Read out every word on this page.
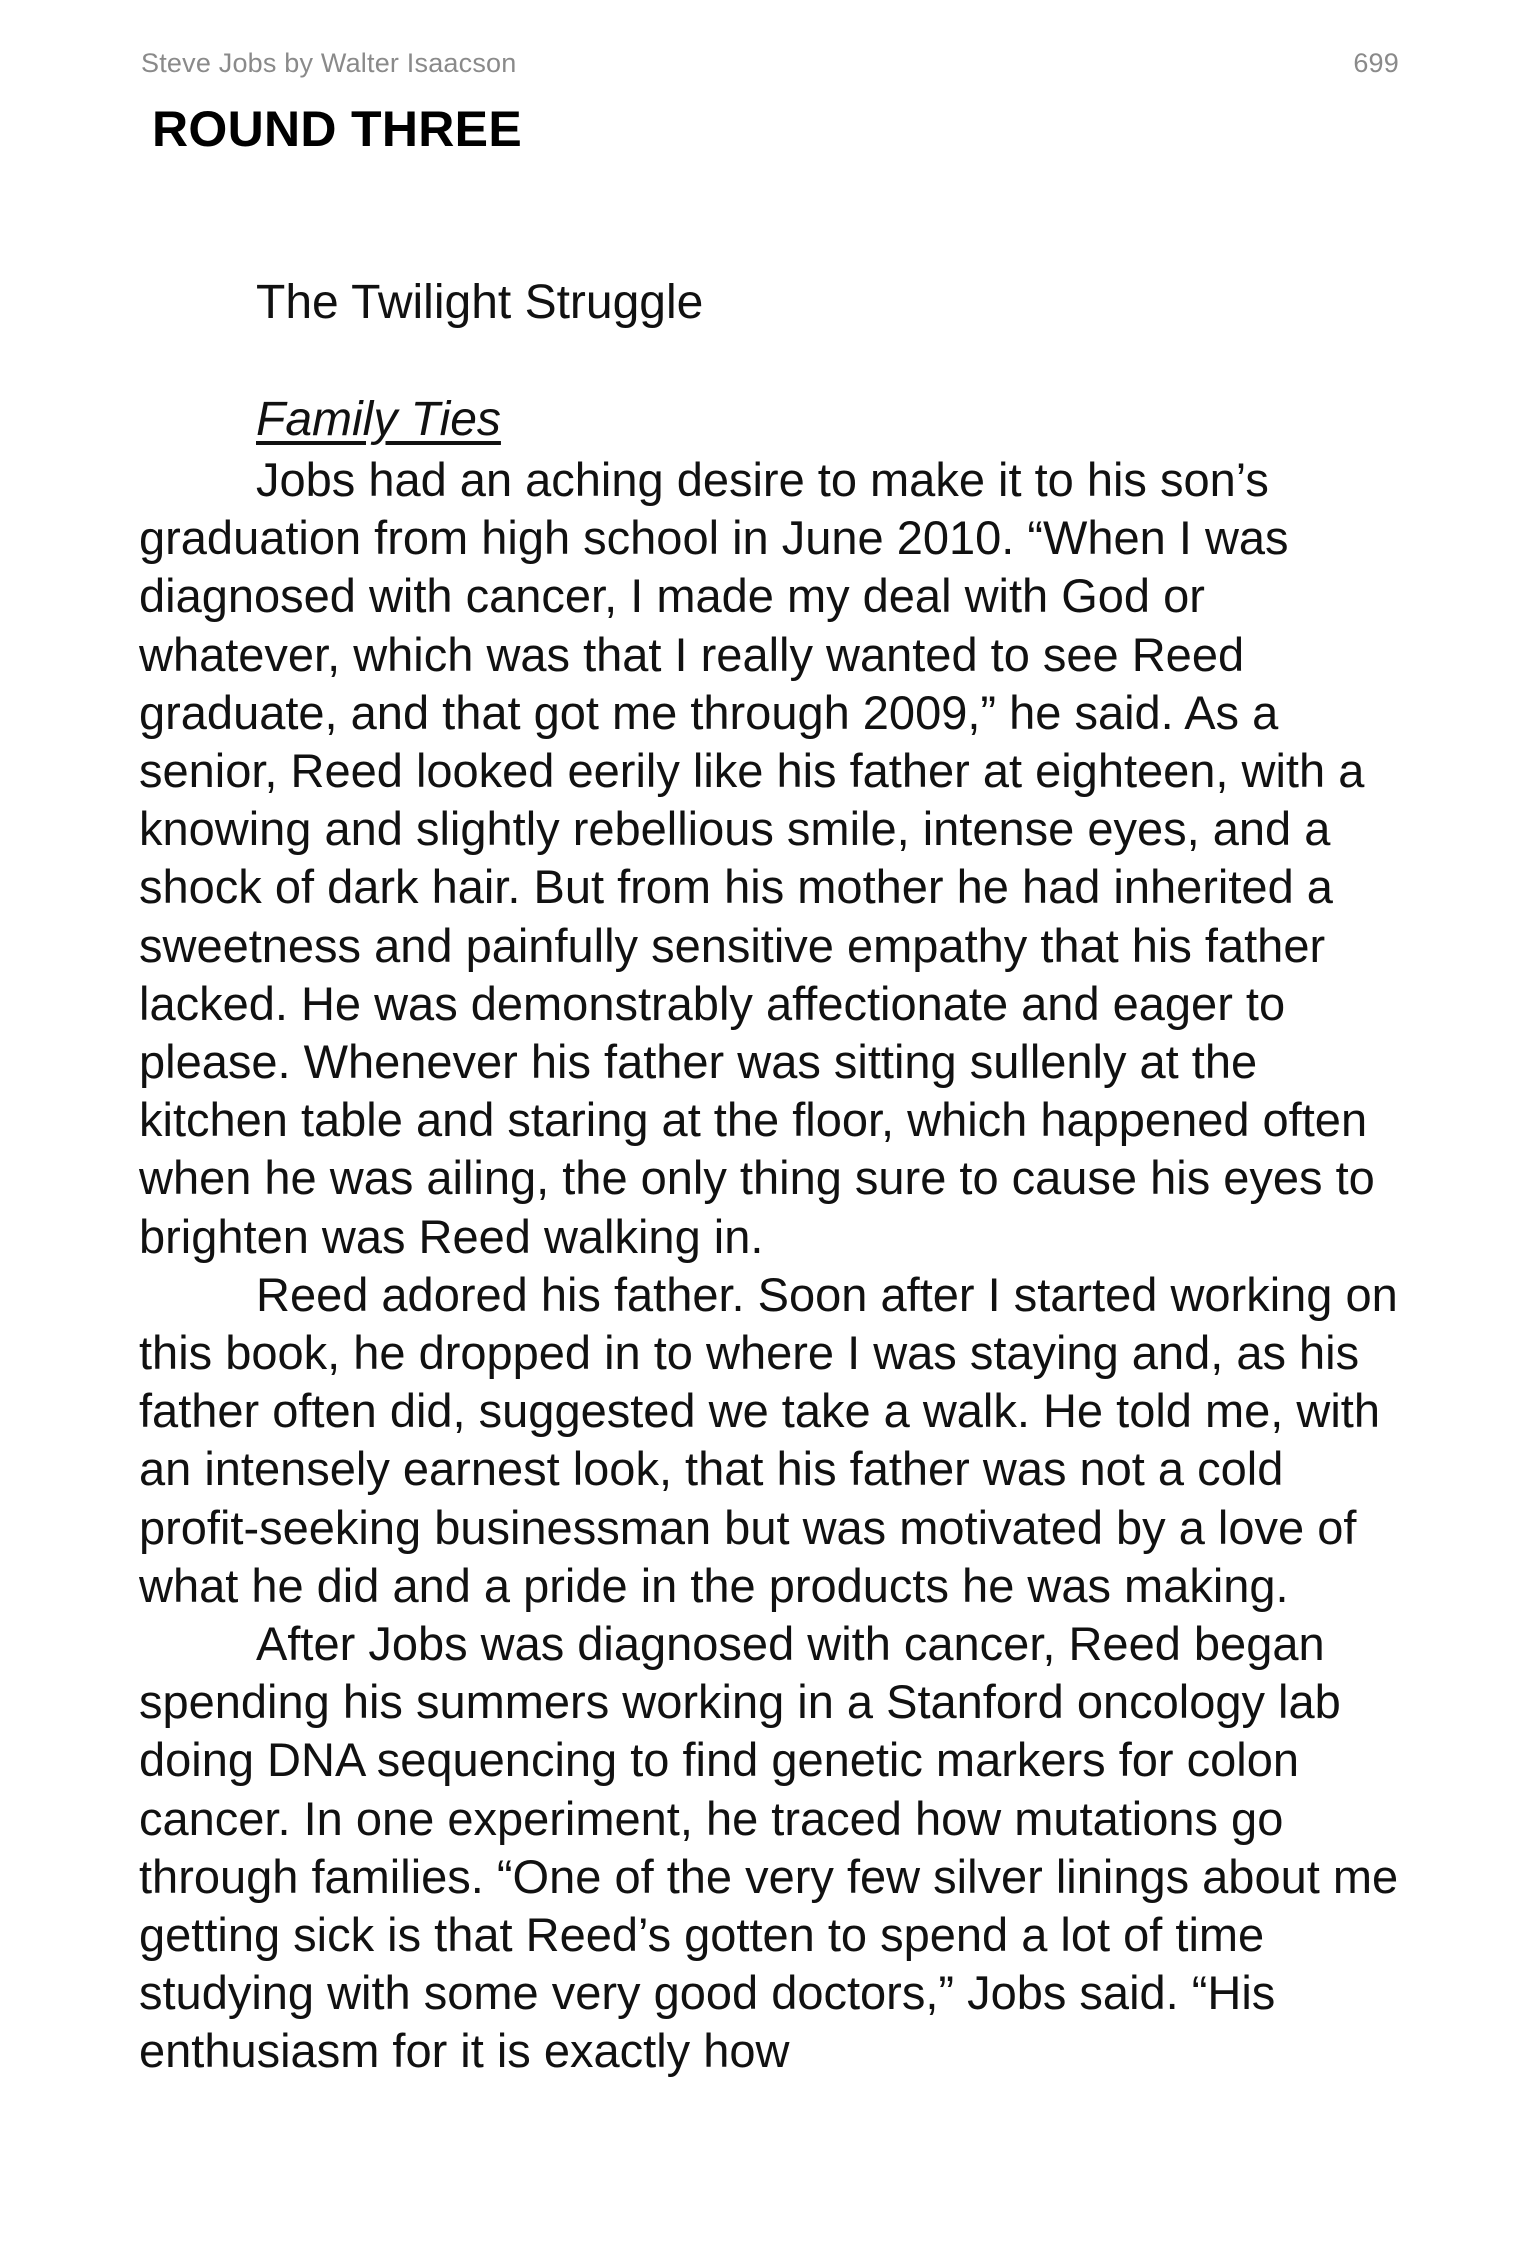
Steve Jobs by Walter Isaacson	699
ROUND THREE
The Twilight Struggle
Family Ties

Jobs had an aching desire to make it to his son’s graduation from high school in June 2010. “When I was diagnosed with cancer, I made my deal with God or whatever, which was that I really wanted to see Reed graduate, and that got me through 2009,” he said. As a senior, Reed looked eerily like his father at eighteen, with a knowing and slightly rebellious smile, intense eyes, and a shock of dark hair. But from his mother he had inherited a sweetness and painfully sensitive empathy that his father lacked. He was demonstrably affectionate and eager to please. Whenever his father was sitting sullenly at the kitchen table and staring at the floor, which happened often when he was ailing, the only thing sure to cause his eyes to brighten was Reed walking in.

Reed adored his father. Soon after I started working on this book, he dropped in to where I was staying and, as his father often did, suggested we take a walk. He told me, with an intensely earnest look, that his father was not a cold profit-seeking businessman but was motivated by a love of what he did and a pride in the products he was making.

After Jobs was diagnosed with cancer, Reed began spending his summers working in a Stanford oncology lab doing DNA sequencing to find genetic markers for colon cancer. In one experiment, he traced how mutations go through families. “One of the very few silver linings about me getting sick is that Reed’s gotten to spend a lot of time studying with some very good doctors,” Jobs said. “His enthusiasm for it is exactly how
